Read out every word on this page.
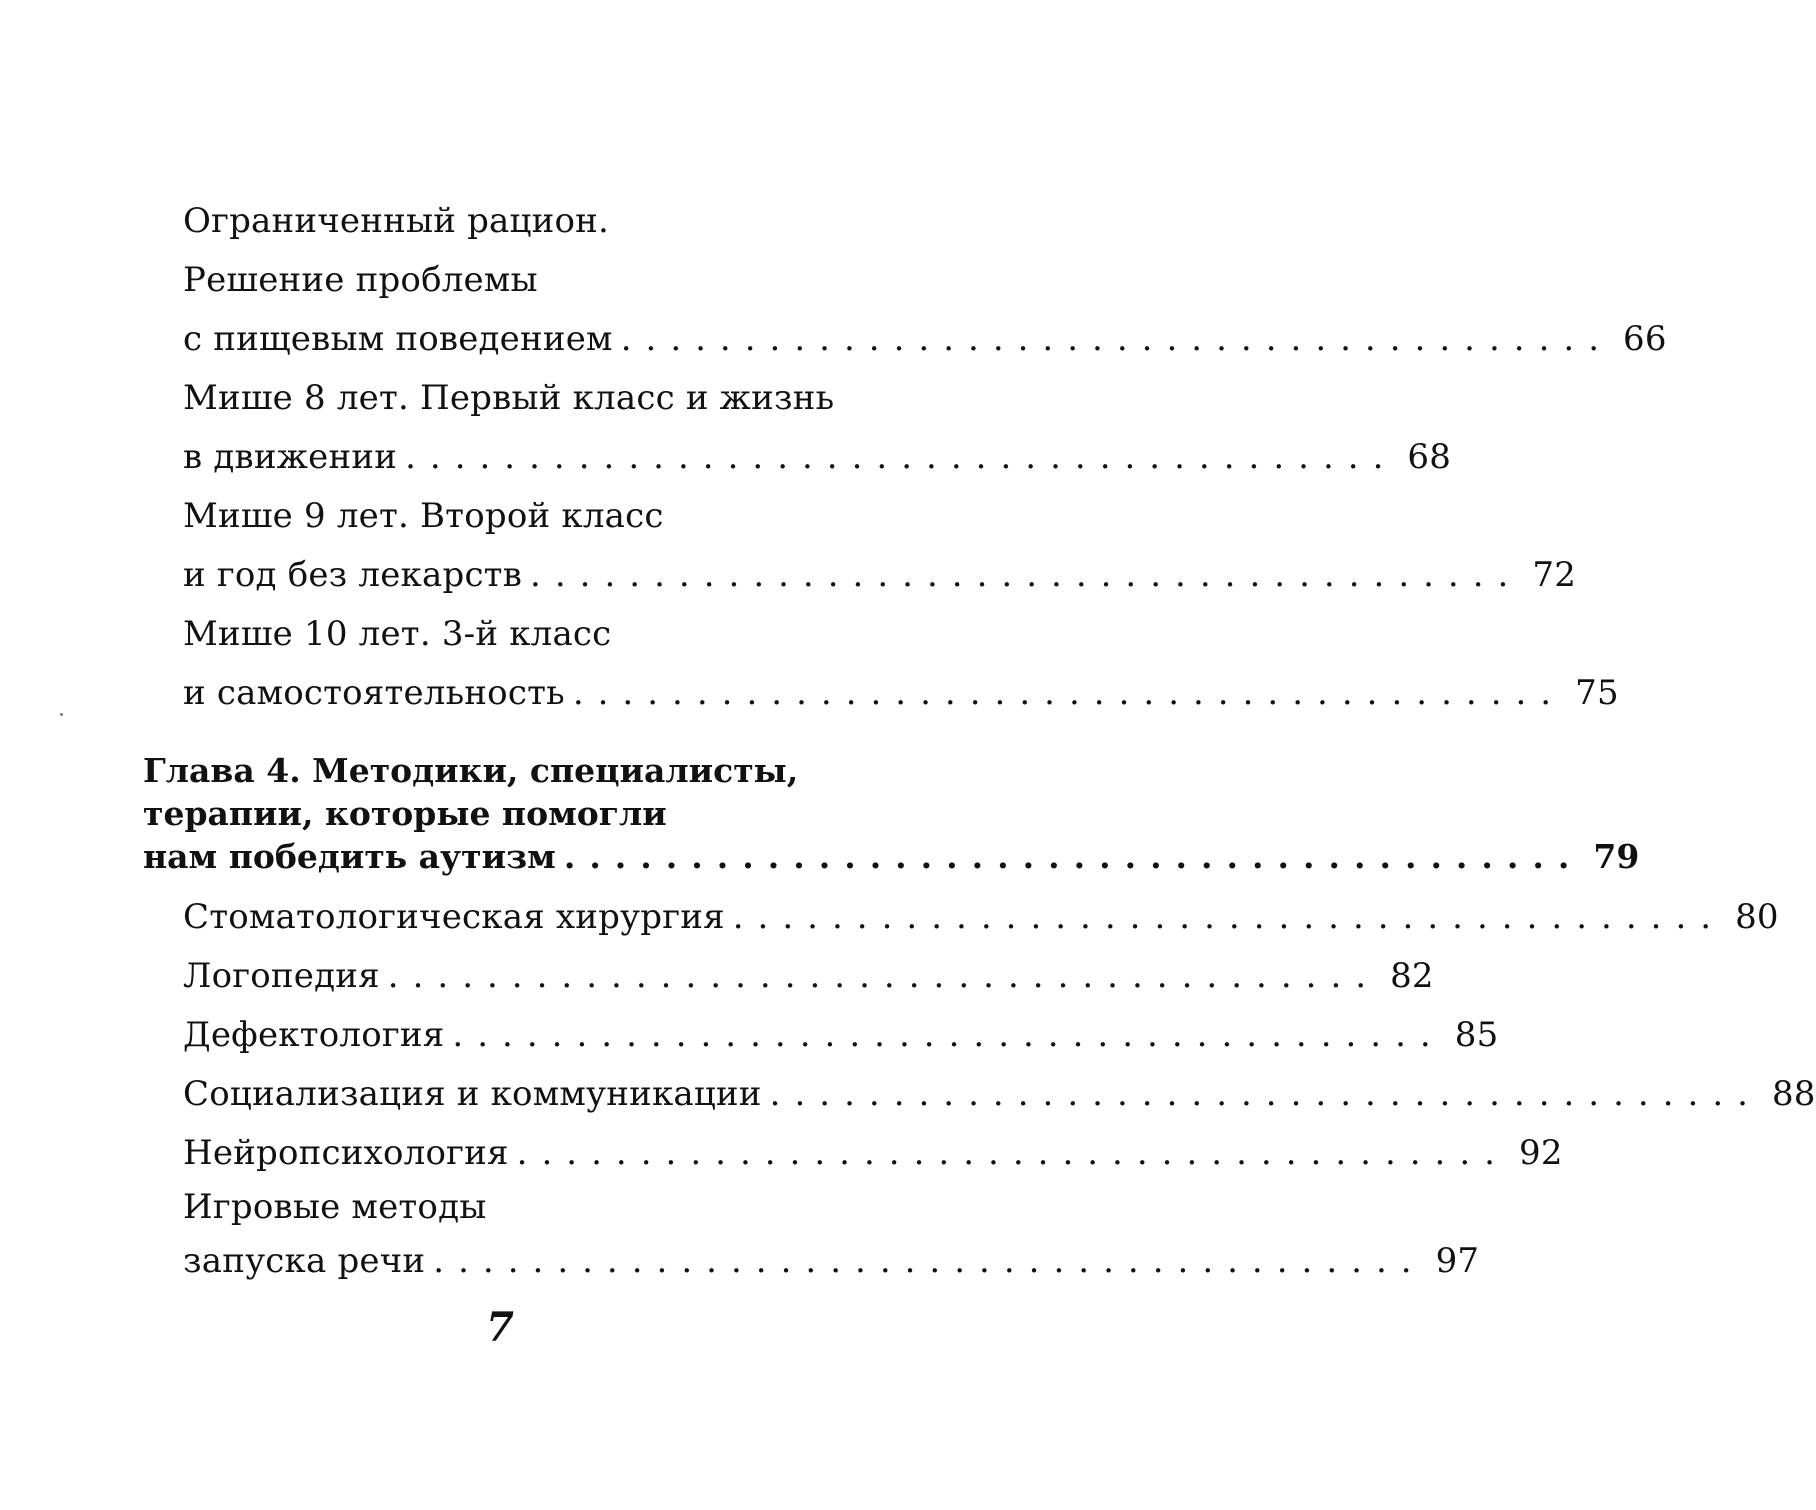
Ограниченный рацион.
Решение проблемы
с пищевым поведением ........................................ 66
Мише 8 лет. Первый класс и жизнь
в движении ........................................ 68
Мише 9 лет. Второй класс
и год без лекарств ........................................ 72
Мише 10 лет. 3-й класс
и самостоятельность ........................................ 75
Глава 4. Методики, специалисты,
терапии, которые помогли
нам победить аутизм ........................................ 79
Стоматологическая хирургия ........................................ 80
Логопедия ........................................ 82
Дефектология ........................................ 85
Социализация и коммуникации ........................................ 88
Нейропсихология ........................................ 92
Игровые методы
запуска речи ........................................ 97
7
